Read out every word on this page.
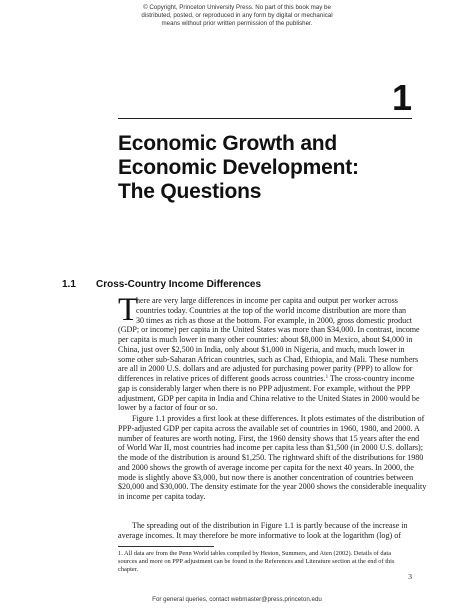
© Copyright, Princeton University Press. No part of this book may be
distributed, posted, or reproduced in any form by digital or mechanical
means without prior written permission of the publisher.
1
Economic Growth and
Economic Development:
The Questions
1.1 Cross-Country Income Differences
T
here are very large differences in income per capita and output per worker across
countries today. Countries at the top of the world income distribution are more than
30 times as rich as those at the bottom. For example, in 2000, gross domestic product
(GDP; or income) per capita in the United States was more than $34,000. In contrast, income
per capita is much lower in many other countries: about $8,000 in Mexico, about $4,000 in
China, just over $2,500 in India, only about $1,000 in Nigeria, and much, much lower in
some other sub-Saharan African countries, such as Chad, Ethiopia, and Mali. These numbers
are all in 2000 U.S. dollars and are adjusted for purchasing power parity (PPP) to allow for
differences in relative prices of different goods across countries.$^1$ The cross-country income
gap is considerably larger when there is no PPP adjustment. For example, without the PPP
adjustment, GDP per capita in India and China relative to the United States in 2000 would be
lower by a factor of four or so.
Figure 1.1 provides a first look at these differences. It plots estimates of the distribution of
PPP-adjusted GDP per capita across the available set of countries in 1960, 1980, and 2000. A
number of features are worth noting. First, the 1960 density shows that 15 years after the end
of World War II, most countries had income per capita less than $1,500 (in 2000 U.S. dollars);
the mode of the distribution is around $1,250. The rightward shift of the distributions for 1980
and 2000 shows the growth of average income per capita for the next 40 years. In 2000, the
mode is slightly above $3,000, but now there is another concentration of countries between
$20,000 and $30,000. The density estimate for the year 2000 shows the considerable inequality
in income per capita today.
The spreading out of the distribution in Figure 1.1 is partly because of the increase in
average incomes. It may therefore be more informative to look at the logarithm (log) of
1. All data are from the Penn World tables compiled by Heston, Summers, and Aten (2002). Details of data
sources and more on PPP adjustment can be found in the References and Literature section at the end of this
chapter.
3
For general queries, contact webmaster@press.princeton.edu
